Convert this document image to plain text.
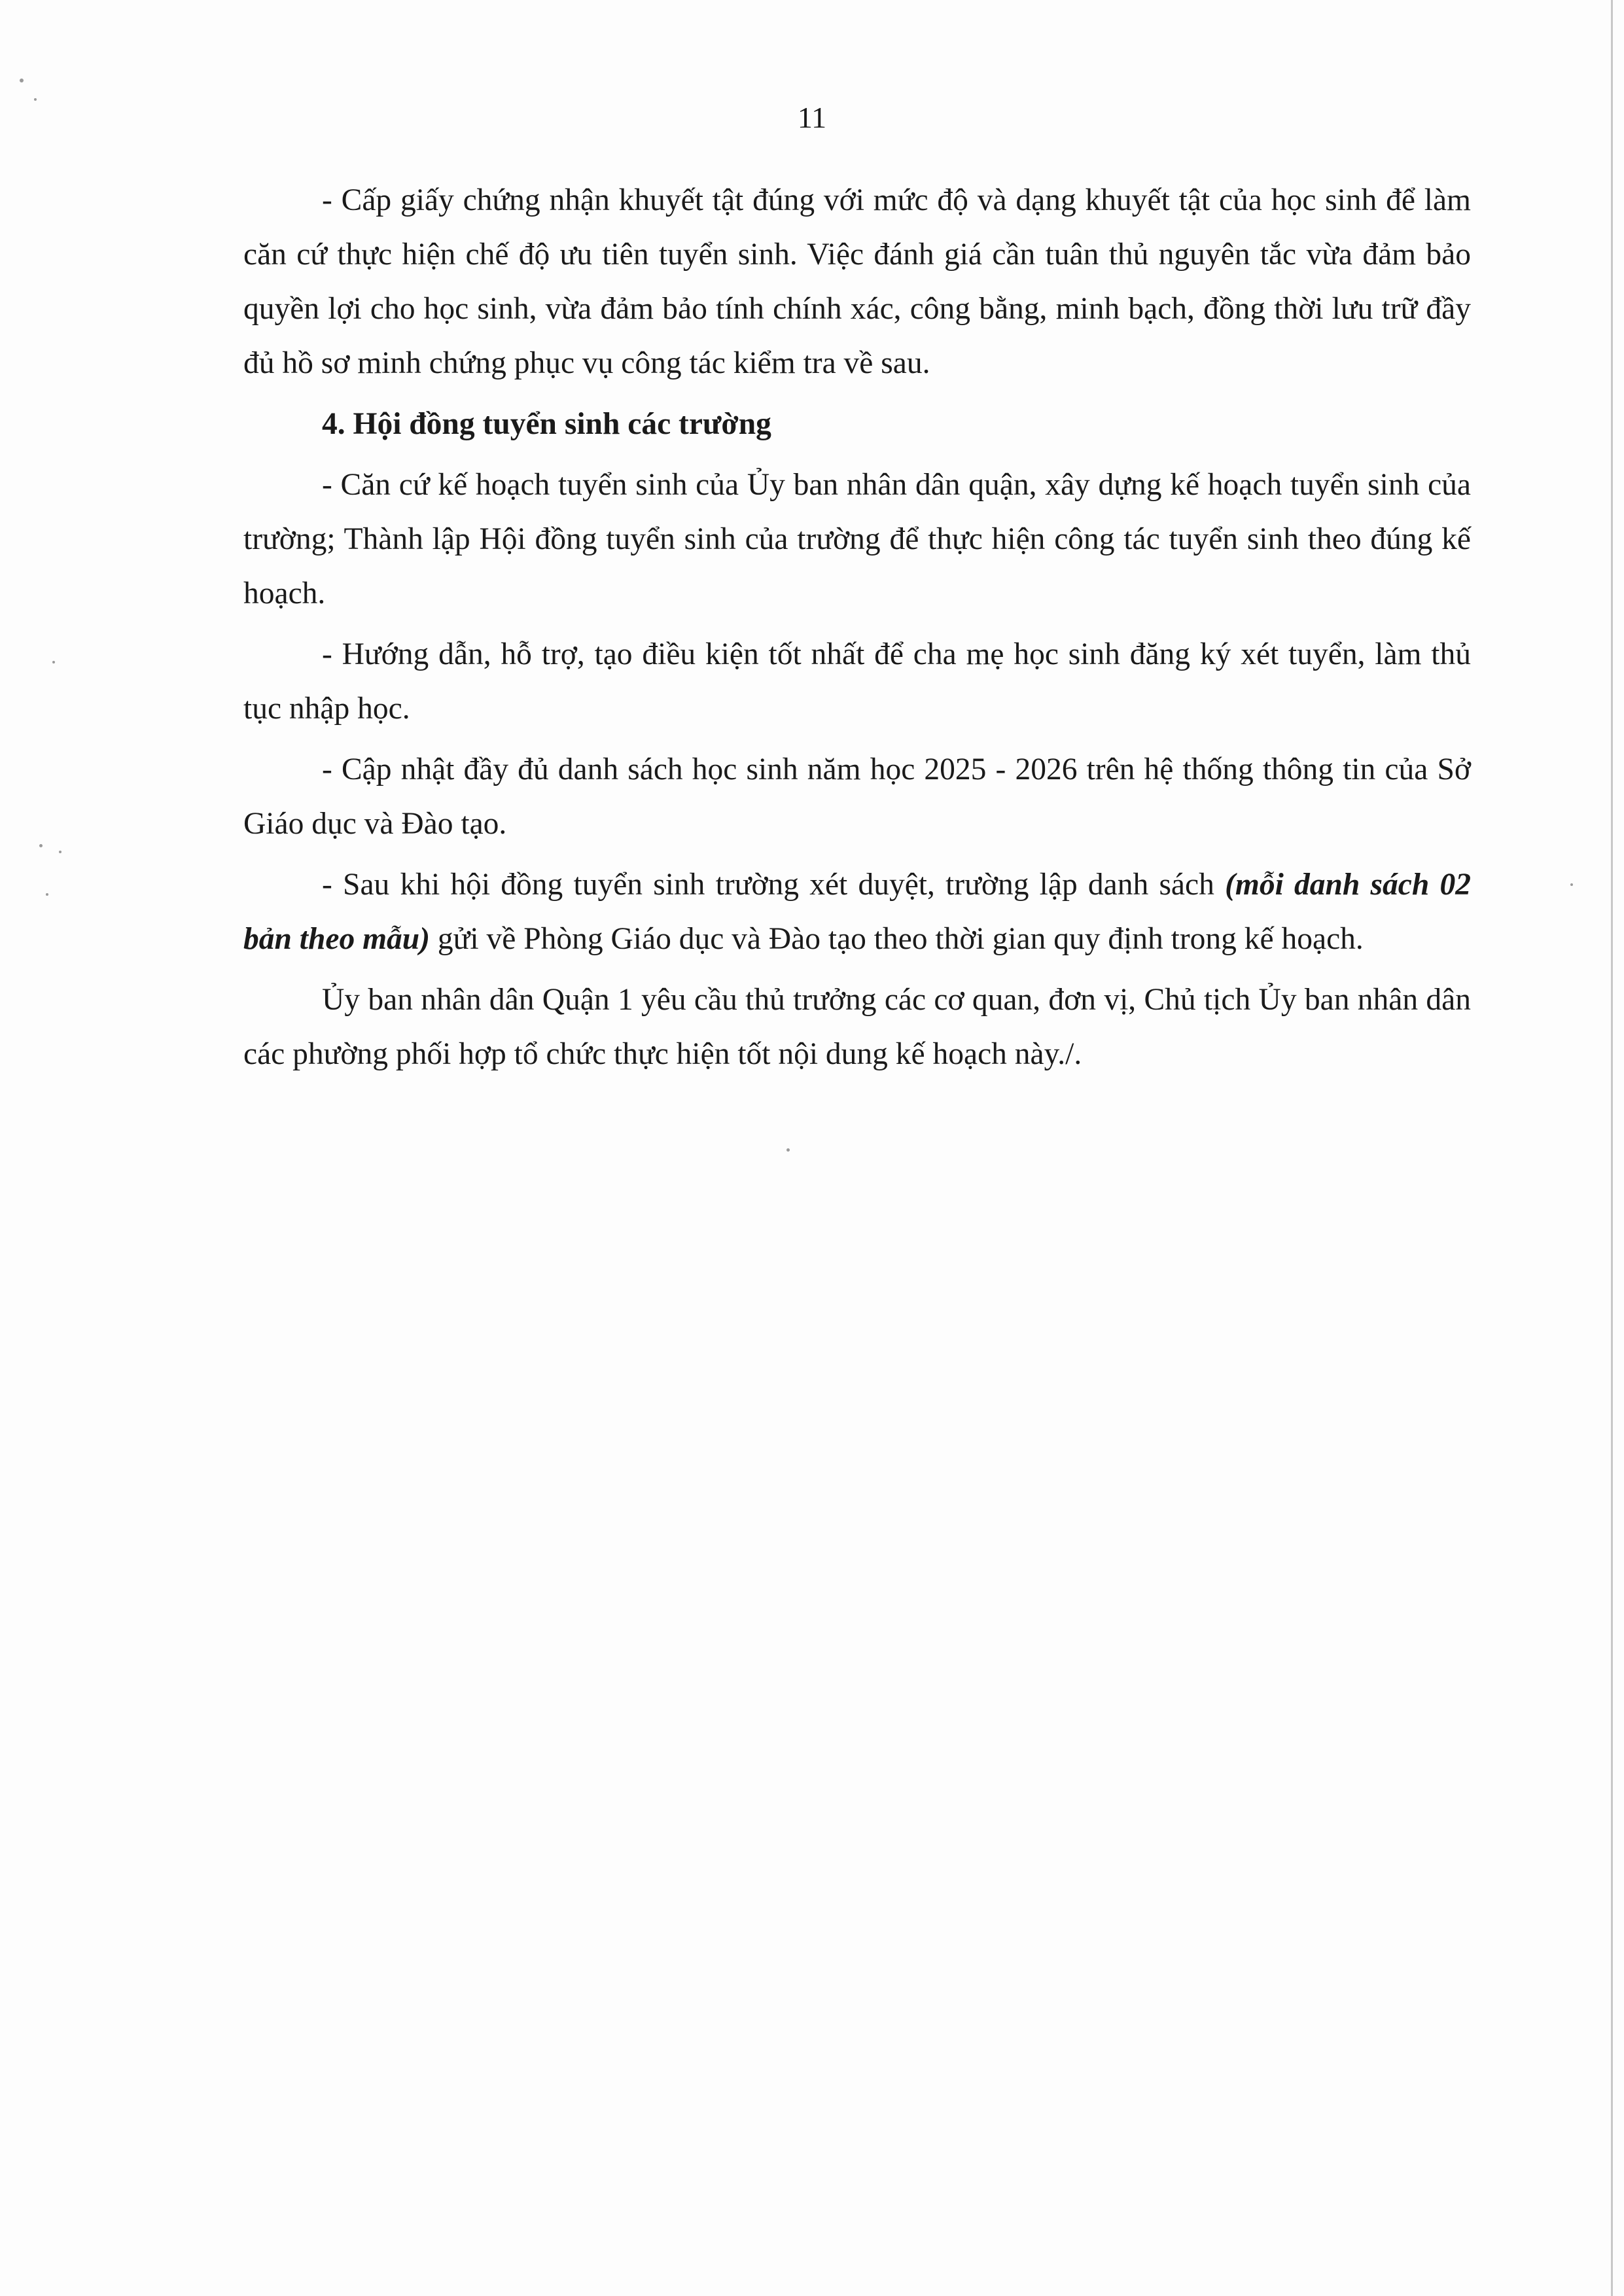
11

- Cấp giấy chứng nhận khuyết tật đúng với mức độ và dạng khuyết tật của học sinh để làm căn cứ thực hiện chế độ ưu tiên tuyển sinh. Việc đánh giá cần tuân thủ nguyên tắc vừa đảm bảo quyền lợi cho học sinh, vừa đảm bảo tính chính xác, công bằng, minh bạch, đồng thời lưu trữ đầy đủ hồ sơ minh chứng phục vụ công tác kiểm tra về sau.

4. Hội đồng tuyển sinh các trường

- Căn cứ kế hoạch tuyển sinh của Ủy ban nhân dân quận, xây dựng kế hoạch tuyển sinh của trường; Thành lập Hội đồng tuyển sinh của trường để thực hiện công tác tuyển sinh theo đúng kế hoạch.

- Hướng dẫn, hỗ trợ, tạo điều kiện tốt nhất để cha mẹ học sinh đăng ký xét tuyển, làm thủ tục nhập học.

- Cập nhật đầy đủ danh sách học sinh năm học 2025 - 2026 trên hệ thống thông tin của Sở Giáo dục và Đào tạo.

- Sau khi hội đồng tuyển sinh trường xét duyệt, trường lập danh sách (mỗi danh sách 02 bản theo mẫu) gửi về Phòng Giáo dục và Đào tạo theo thời gian quy định trong kế hoạch.

Ủy ban nhân dân Quận 1 yêu cầu thủ trưởng các cơ quan, đơn vị, Chủ tịch Ủy ban nhân dân các phường phối hợp tổ chức thực hiện tốt nội dung kế hoạch này./.
